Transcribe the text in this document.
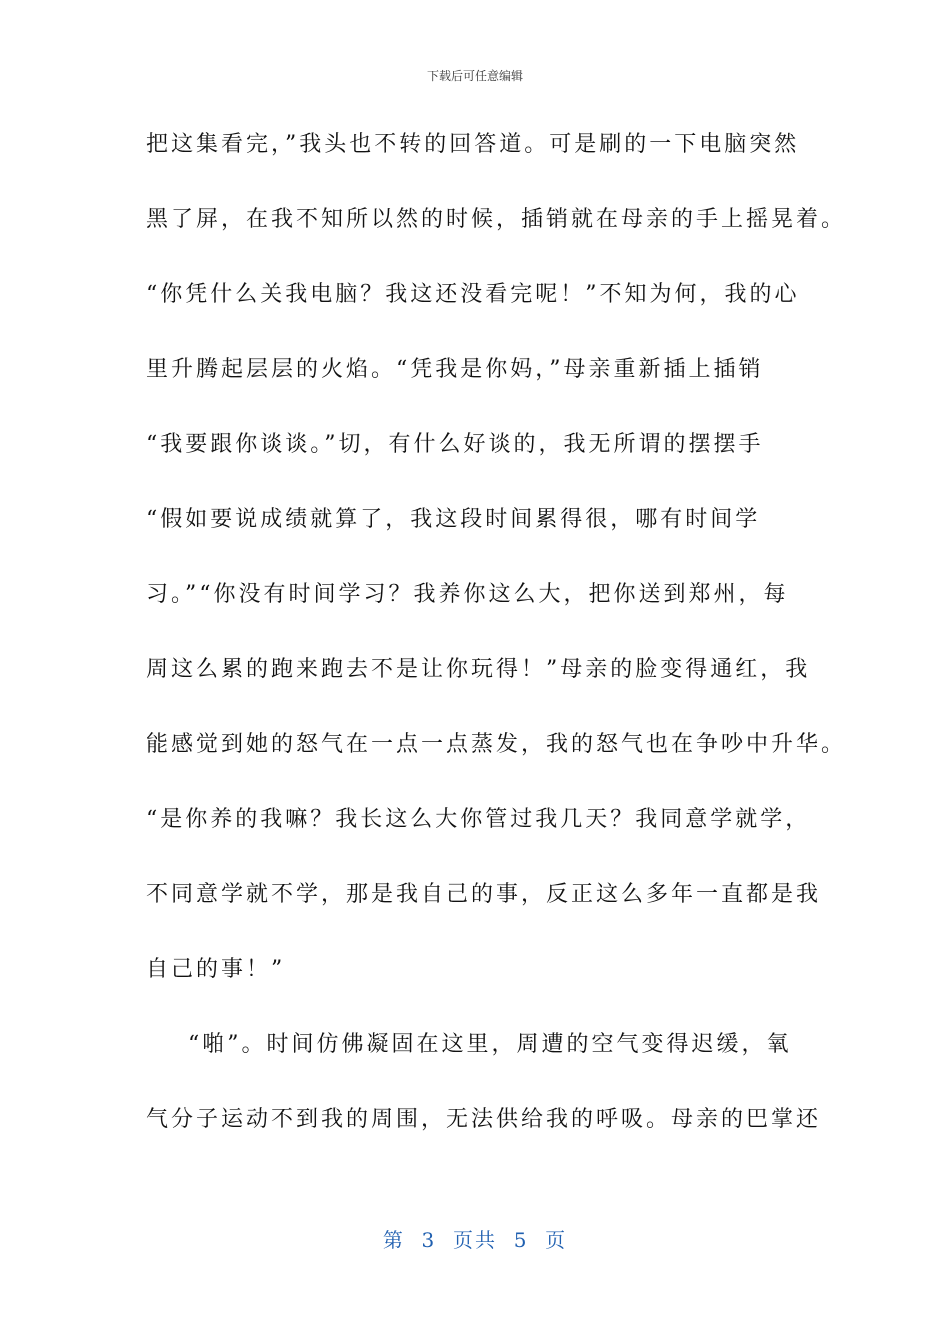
下载后可任意编辑
把这集看完，”我头也不转的回答道。可是刷的一下电脑突然
黑了屏，在我不知所以然的时候，插销就在母亲的手上摇晃着。
“你凭什么关我电脑？我这还没看完呢！”不知为何，我的心
里升腾起层层的火焰。“凭我是你妈，”母亲重新插上插销
“我要跟你谈谈。”切，有什么好谈的，我无所谓的摆摆手
“假如要说成绩就算了，我这段时间累得很，哪有时间学
习。”“你没有时间学习？我养你这么大，把你送到郑州，每
周这么累的跑来跑去不是让你玩得！”母亲的脸变得通红，我
能感觉到她的怒气在一点一点蒸发，我的怒气也在争吵中升华。
“是你养的我嘛？我长这么大你管过我几天？我同意学就学，
不同意学就不学，那是我自己的事，反正这么多年一直都是我
自己的事！”
“啪”。时间仿佛凝固在这里，周遭的空气变得迟缓，氧
气分子运动不到我的周围，无法供给我的呼吸。母亲的巴掌还
第  3  页共  5  页
